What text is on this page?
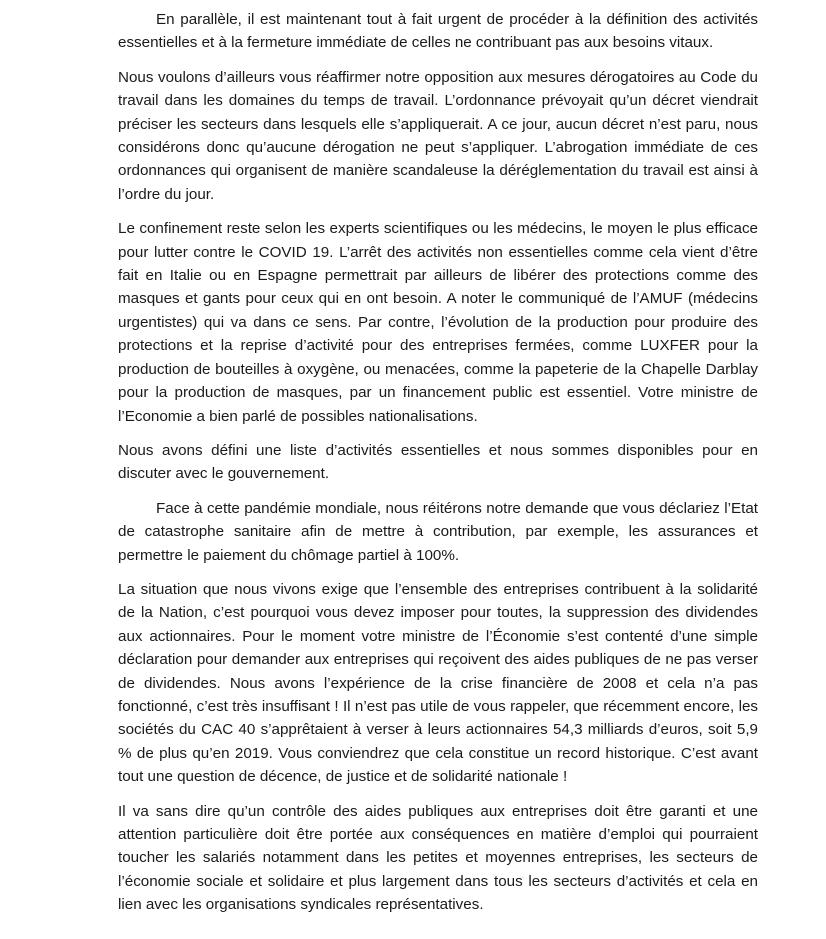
En parallèle, il est maintenant tout à fait urgent de procéder à la définition des activités essentielles et à la fermeture immédiate de celles ne contribuant pas aux besoins vitaux.

Nous voulons d’ailleurs vous réaffirmer notre opposition aux mesures dérogatoires au Code du travail dans les domaines du temps de travail. L’ordonnance prévoyait qu’un décret viendrait préciser les secteurs dans lesquels elle s’appliquerait. A ce jour, aucun décret n’est paru, nous considérons donc qu’aucune dérogation ne peut s’appliquer. L’abrogation immédiate de ces ordonnances qui organisent de manière scandaleuse la déréglementation du travail est ainsi à l’ordre du jour.

Le confinement reste selon les experts scientifiques ou les médecins, le moyen le plus efficace pour lutter contre le COVID 19. L’arrêt des activités non essentielles comme cela vient d’être fait en Italie ou en Espagne permettrait par ailleurs de libérer des protections comme des masques et gants pour ceux qui en ont besoin. A noter le communiqué de l’AMUF (médecins urgentistes) qui va dans ce sens. Par contre, l’évolution de la production pour produire des protections et la reprise d’activité pour des entreprises fermées, comme LUXFER pour la production de bouteilles à oxygène, ou menacées, comme la papeterie de la Chapelle Darblay pour la production de masques, par un financement public est essentiel. Votre ministre de l’Economie a bien parlé de possibles nationalisations.

Nous avons défini une liste d’activités essentielles et nous sommes disponibles pour en discuter avec le gouvernement.

Face à cette pandémie mondiale, nous réitérons notre demande que vous déclariez l’Etat de catastrophe sanitaire afin de mettre à contribution, par exemple, les assurances et permettre le paiement du chômage partiel à 100%.

La situation que nous vivons exige que l’ensemble des entreprises contribuent à la solidarité de la Nation, c’est pourquoi vous devez imposer pour toutes, la suppression des dividendes aux actionnaires. Pour le moment votre ministre de l’Économie s’est contenté d’une simple déclaration pour demander aux entreprises qui reçoivent des aides publiques de ne pas verser de dividendes. Nous avons l’expérience de la crise financière de 2008 et cela n’a pas fonctionné, c’est très insuffisant ! Il n’est pas utile de vous rappeler, que récemment encore, les sociétés du CAC 40 s’apprêtaient à verser à leurs actionnaires 54,3 milliards d’euros, soit 5,9 % de plus qu’en 2019. Vous conviendrez que cela constitue un record historique. C’est avant tout une question de décence, de justice et de solidarité nationale !

Il va sans dire qu’un contrôle des aides publiques aux entreprises doit être garanti et une attention particulière doit être portée aux conséquences en matière d’emploi qui pourraient toucher les salariés notamment dans les petites et moyennes entreprises, les secteurs de l’économie sociale et solidaire et plus largement dans tous les secteurs d’activités et cela en lien avec les organisations syndicales représentatives.
